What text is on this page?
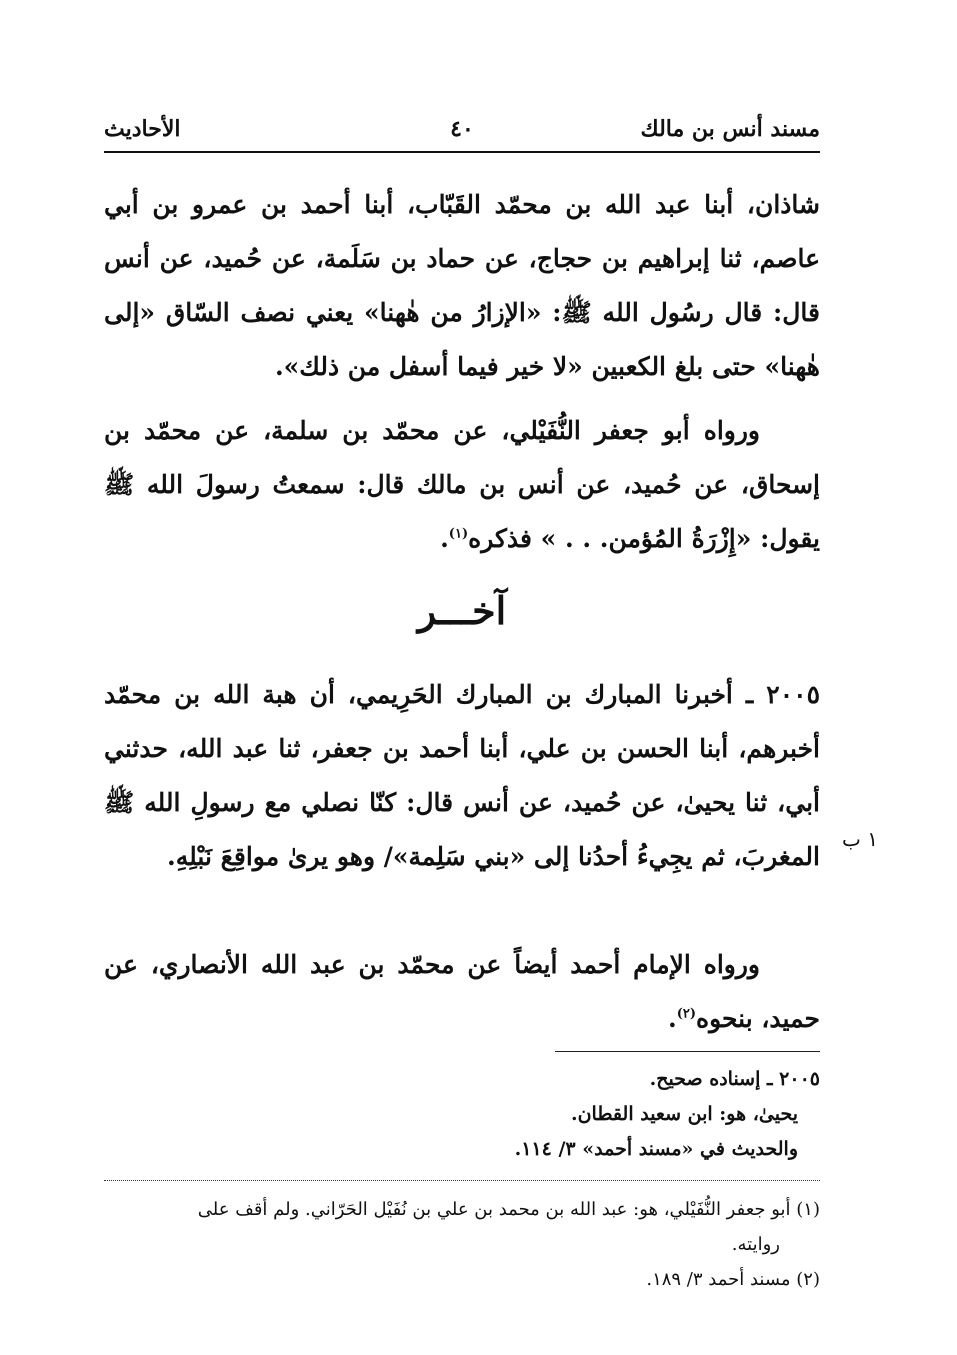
مسند أنس بن مالك
٤٠
الأحاديث
شاذان، أبنا عبد الله بن محمّد القَبّاب، أبنا أحمد بن عمرو بن أبي عاصم، ثنا إبراهيم بن حجاج، عن حماد بن سَلَمة، عن حُميد، عن أنس قال: قال رسُول الله ﷺ: «الإزارُ من هٰهنا» يعني نصف السّاق «إلى هٰهنا» حتى بلغ الكعبين «لا خير فيما أسفل من ذلك».
ورواه أبو جعفر النُّفَيْلي، عن محمّد بن سلمة، عن محمّد بن إسحاق، عن حُميد، عن أنس بن مالك قال: سمعتُ رسولَ الله ﷺ يقول: «إِزْرَةُ المُؤمن. . . » فذكره$^{(١)}$.
آخـــر
٢٠٠٥ ـ أخبرنا المبارك بن المبارك الحَرِيمي، أن هبة الله بن محمّد أخبرهم، أبنا الحسن بن علي، أبنا أحمد بن جعفر، ثنا عبد الله، حدثني أبي، ثنا يحيىٰ، عن حُميد، عن أنس قال: كنّا نصلي مع رسولِ الله ﷺ المغربَ، ثم يجِيءُ أحدُنا إلى «بني سَلِمة»/ وهو يرىٰ مواقِعَ نَبْلِهِ.
١ ب
ورواه الإمام أحمد أيضاً عن محمّد بن عبد الله الأنصاري، عن حميد، بنحوه$^{(٢)}$.
٢٠٠٥ ـ إسناده صحيح.
يحيىٰ، هو: ابن سعيد القطان.
والحديث في «مسند أحمد» ٣/ ١١٤.
(١) أبو جعفر النُّفَيْلي، هو: عبد الله بن محمد بن علي بن نُفَيْل الحَرّاني. ولم أقف على
روايته.
(٢) مسند أحمد ٣/ ١٨٩.
